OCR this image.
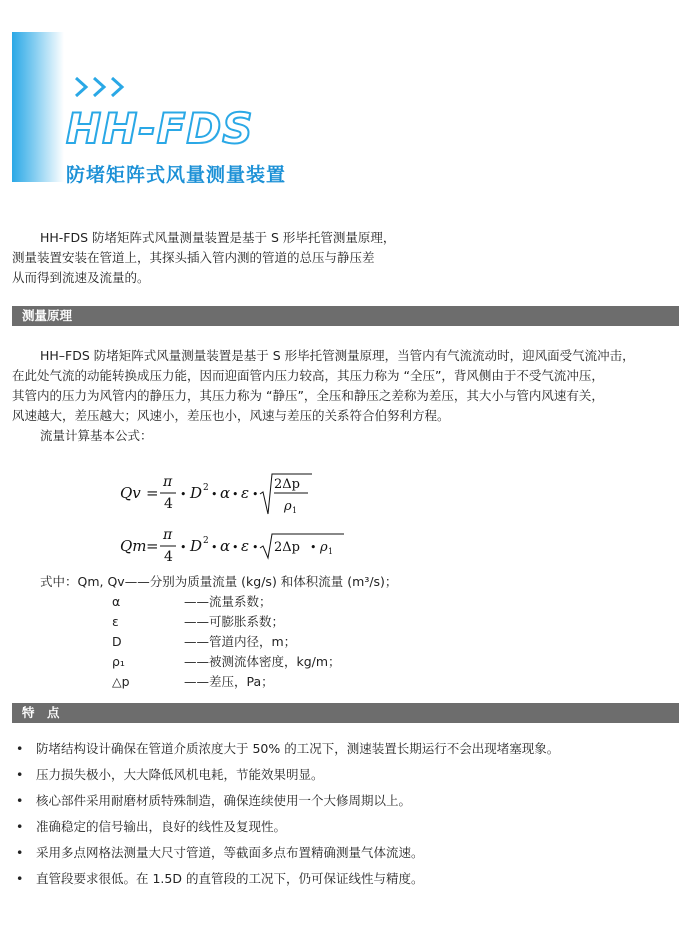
HH-FDS
防堵矩阵式风量测量装置

HH-FDS 防堵矩阵式风量测量装置是基于 S 形毕托管测量原理，

测量装置安装在管道上，其探头插入管内测的管道的总压与静压差

从而得到流速及流量的。

测量原理

HH–FDS 防堵矩阵式风量测量装置是基于 S 形毕托管测量原理，当管内有气流流动时，迎风面受气流冲击，

在此处气流的动能转换成压力能，因而迎面管内压力较高，其压力称为 “全压”，背风侧由于不受气流冲压，

其管内的压力为风管内的静压力，其压力称为 “静压”，全压和静压之差称为差压，其大小与管内风速有关，

风速越大，差压越大；风速小，差压也小，风速与差压的关系符合伯努利方程。

流量计算基本公式：

Qv =
π
4
• D 2 • α • ε •
2Δp
ρ 1
Qm =
π
4
• D 2 • α • ε • 2Δp • ρ 1
式中：Qm, Qv——分别为质量流量 (kg/s) 和体积流量 (m³/s)；
α	——流量系数；
ε	——可膨胀系数；
D	——管道内径，m；
ρ₁	——被测流体密度，kg/m；
△p	——差压，Pa；
特　点
• 防堵结构设计确保在管道介质浓度大于 50% 的工况下，测速装置长期运行不会出现堵塞现象。
• 压力损失极小，大大降低风机电耗，节能效果明显。
• 核心部件采用耐磨材质特殊制造，确保连续使用一个大修周期以上。
• 准确稳定的信号输出，良好的线性及复现性。
• 采用多点网格法测量大尺寸管道，等截面多点布置精确测量气体流速。
• 直管段要求很低。在 1.5D 的直管段的工况下，仍可保证线性与精度。
